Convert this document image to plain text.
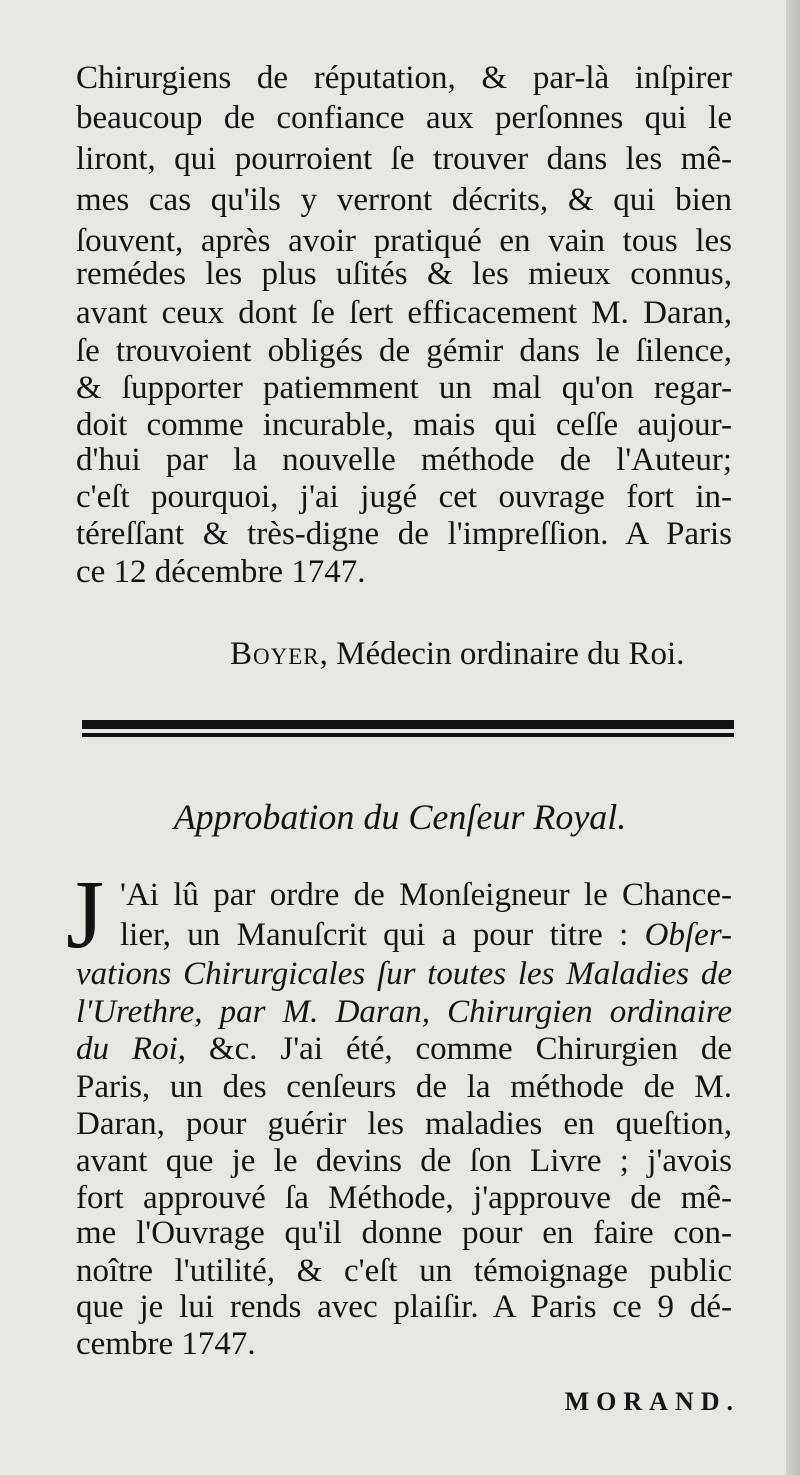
Chirurgiens de réputation, & par-là inſpirer
beaucoup de confiance aux perſonnes qui le
liront, qui pourroient ſe trouver dans les mê-
mes cas qu'ils y verront décrits, & qui bien
ſouvent, après avoir pratiqué en vain tous les
remédes les plus uſités & les mieux connus,
avant ceux dont ſe ſert efficacement M. Daran,
ſe trouvoient obligés de gémir dans le ſilence,
& ſupporter patiemment un mal qu'on regar-
doit comme incurable, mais qui ceſſe aujour-
d'hui par la nouvelle méthode de l'Auteur;
c'eſt pourquoi, j'ai jugé cet ouvrage fort in-
téreſſant & très-digne de l'impreſſion. A Paris
ce 12 décembre 1747.
Boyer, Médecin ordinaire du Roi.
Approbation du Cenſeur Royal.
J 'Ai lû par ordre de Monſeigneur le Chance-
lier, un Manuſcrit qui a pour titre : Obſer-
vations Chirurgicales ſur toutes les Maladies de
l'Urethre, par M. Daran, Chirurgien ordinaire
du Roi, &c. J'ai été, comme Chirurgien de
Paris, un des cenſeurs de la méthode de M.
Daran, pour guérir les maladies en queſtion,
avant que je le devins de ſon Livre ; j'avois
fort approuvé ſa Méthode, j'approuve de mê-
me l'Ouvrage qu'il donne pour en faire con-
noître l'utilité, & c'eſt un témoignage public
que je lui rends avec plaiſir. A Paris ce 9 dé-
cembre 1747.
MORAND.
